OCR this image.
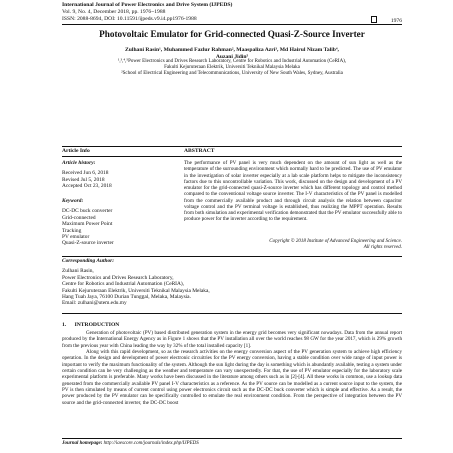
International Journal of Power Electronics and Drive System (IJPEDS)
Vol. 9, No. 4, December 2018, pp. 1976~1988
ISSN: 2088-8694, DOI: 10.11591/ijpeds.v9.i4.pp1976-1988	1976
Photovoltaic Emulator for Grid-connected Quasi-Z-Source Inverter
Zulhani Rasin¹, Muhammed Fazlur Rahman², Maaspaliza Azri³, Md Hairul Nizam Talib⁴,
Auzani Jidin⁵
¹,³,⁴,⁵Power Electronics and Drives Research Laboratory, Centre for Robotics and Industrial Automation (CeRIA),
Fakulti Kejuruteraan Elektrik, Universiti Teknikal Malaysia Melaka
²School of Electrical Engineering and Telecommunications, University of New South Wales, Sydney, Australia
Article Info	ABSTRACT
Article history:
Received Jun 6, 2018
Revised Jul 5, 2018
Accepted Oct 23, 2018
Keyword:
DC-DC buck converter
Grid-connected
Maximum Power Point
Tracking
PV emulator
Quasi-Z-source inverter
The performance of PV panel is very much dependent on the amount of sun light as well as the temperature of the surrounding environment which normally hard to be predicted. The use of PV emulator in the investigation of solar inverter especially at a lab scale platform helps to mitigate the inconsistency factors due to this uncontrollable variation. This work, discussed on the design and development of a PV emulator for the grid-connected quasi-Z-source inverter which has different topology and control method compared to the conventional voltage source inverter. The I-V characteristics of the PV panel is modelled from the commercially available product and through circuit analysis the relation between capacitor voltage control and the PV terminal voltage is established, thus realizing the MPPT operation. Results from both simulation and experimental verification demonstrated that the PV emulator successfully able to produce power for the inverter according to the requirement.
Copyright © 2018 Institute of Advanced Engineering and Science.
All rights reserved.
Corresponding Author:
Zulhani Rasin,
Power Electronics and Drives Research Laboratory,
Centre for Robotics and Industrial Automation (CeRIA),
Fakulti Kejuruteraan Elektrik, Universiti Teknikal Malaysia Melaka,
Hang Tuah Jaya, 76100 Durian Tunggal, Melaka, Malaysia.
Email: zulhani@utem.edu.my
1.      INTRODUCTION

Generation of photovoltaic (PV) based distributed generation system in the energy grid becomes very significant nowadays. Data from the annual report produced by the International Energy Agency as in Figure 1 shows that the PV installation all over the world reaches 98 GW for the year 2017, which is 29% growth from the previous year with China leading the way by 32% of the total installed capacity [1].

Along with this rapid development, so as the research activities on the energy conversion aspect of the PV generation system to achieve high efficiency operation. In the design and development of power electronic circuitries for the PV energy conversion, having a stable condition over wide range of input power is important to verify the maximum functionality of the system. Although the sun light during the day is something which is abundantly available, testing a system under certain condition can be very challenging as the weather and temperature can vary unexpectedly. For that, the use of PV emulator especially for the laboratory scale experimental platform is preferable. Many works have been discussed in the literature among others such as in [2]-[4]. All these works in common, use a lookup data generated from the commercially available PV panel I-V characteristics as a reference. As the PV source can be modelled as a current source input to the system, the PV is then simulated by means of current control using power electronics circuit such as the DC-DC buck converter which is simple and effective. As a result, the power produced by the PV emulator can be specifically controlled to emulate the real environment condition. From the perspective of integration between the PV source and the grid-connected inverter, the DC-DC boost

Journal homepage: http://iaescore.com/journals/index.php/IJPEDS
